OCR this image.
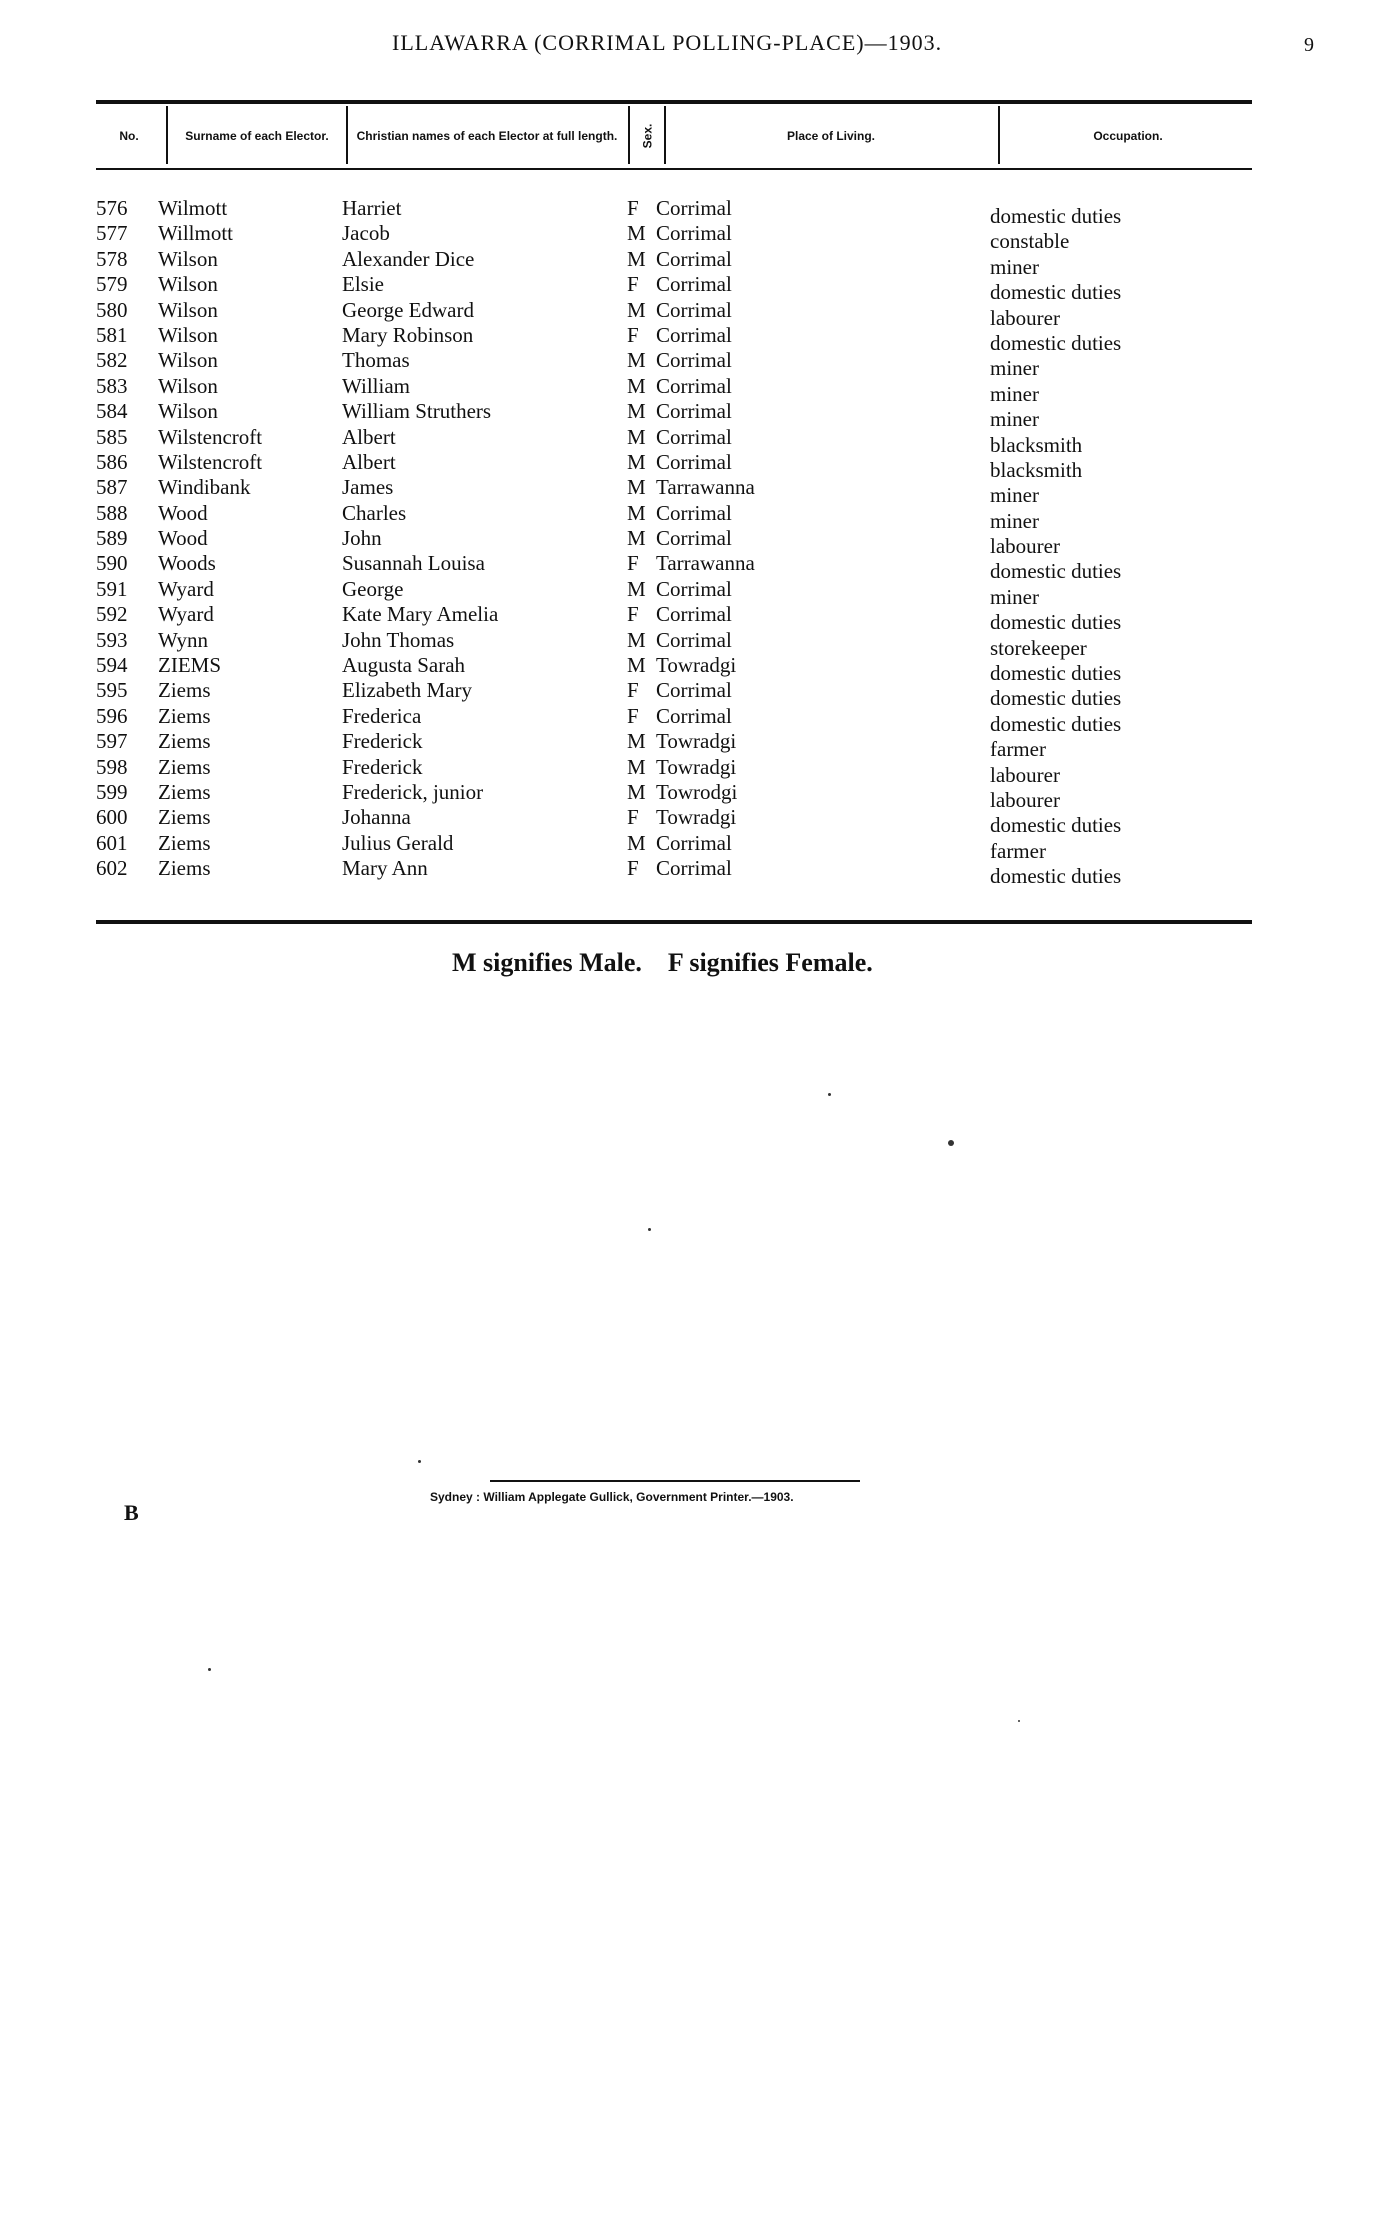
ILLAWARRA (CORRIMAL POLLING-PLACE)—1903.	9
No.	Surname of each Elector.	Christian names of each Elector at full length.	Sex.	Place of Living.	Occupation.
576 Wilmott	Harriet	F Corrimal	domestic duties
577 Willmott	Jacob	M Corrimal	constable
578 Wilson	Alexander Dice	M Corrimal	miner
579 Wilson	Elsie	F Corrimal	domestic duties
580 Wilson	George Edward	M Corrimal	labourer
581 Wilson	Mary Robinson	F Corrimal	domestic duties
582 Wilson	Thomas	M Corrimal	miner
583 Wilson	William	M Corrimal	miner
584 Wilson	William Struthers	M Corrimal	miner
585 Wilstencroft	Albert	M Corrimal	blacksmith
586 Wilstencroft	Albert	M Corrimal	blacksmith
587 Windibank	James	M Tarrawanna	miner
588 Wood	Charles	M Corrimal	miner
589 Wood	John	M Corrimal	labourer
590 Woods	Susannah Louisa	F Tarrawanna	domestic duties
591 Wyard	George	M Corrimal	miner
592 Wyard	Kate Mary Amelia	F Corrimal	domestic duties
593 Wynn	John Thomas	M Corrimal	storekeeper
594 ZIEMS	Augusta Sarah	M Towradgi	domestic duties
595 Ziems	Elizabeth Mary	F Corrimal	domestic duties
596 Ziems	Frederica	F Corrimal	domestic duties
597 Ziems	Frederick	M Towradgi	farmer
598 Ziems	Frederick	M Towradgi	labourer
599 Ziems	Frederick, junior	M Towrodgi	labourer
600 Ziems	Johanna	F Towradgi	domestic duties
601 Ziems	Julius Gerald	M Corrimal	farmer
602 Ziems	Mary Ann	F Corrimal	domestic duties
M signifies Male. F signifies Female.
Sydney : William Applegate Gullick, Government Printer.—1903.
B
